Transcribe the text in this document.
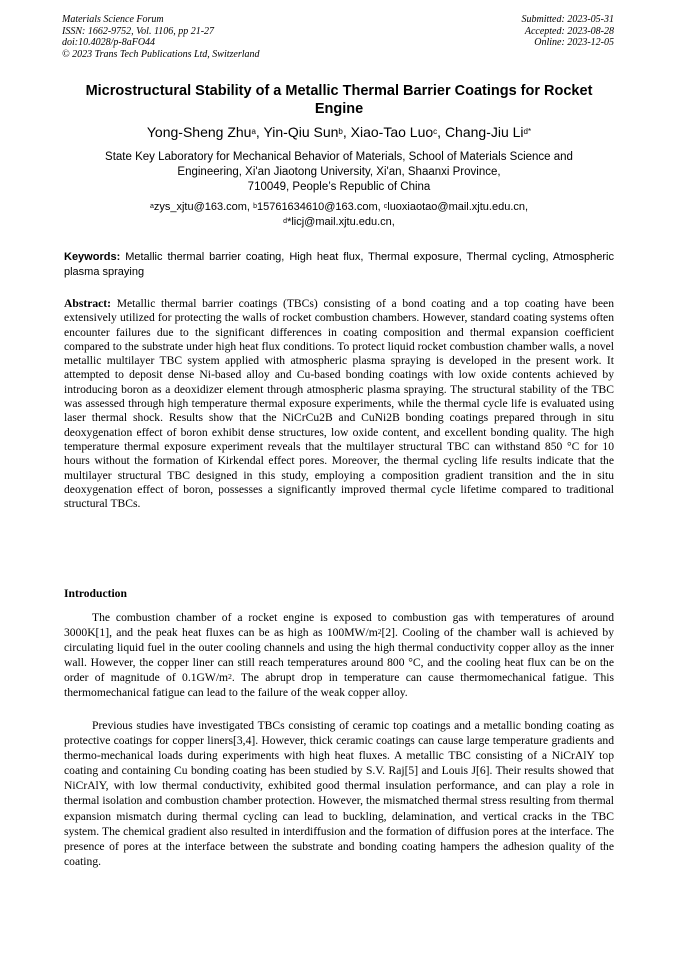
Materials Science Forum
ISSN: 1662-9752, Vol. 1106, pp 21-27
doi:10.4028/p-8aFO44
© 2023 Trans Tech Publications Ltd, Switzerland
Submitted: 2023-05-31
Accepted: 2023-08-28
Online: 2023-12-05
Microstructural Stability of a Metallic Thermal Barrier Coatings for Rocket Engine
Yong-Sheng Zhu$^a$, Yin-Qiu Sun$^b$, Xiao-Tao Luo$^c$, Chang-Jiu $Li^{d*}$
State Key Laboratory for Mechanical Behavior of Materials, School of Materials Science and
Engineering, Xi'an Jiaotong University, Xi'an, Shaanxi Province,
710049, People’s Republic of China
$^a$zys_xjtu@163.com, $^b$15761634610@163.com, $^c$luoxiaotao@mail.xjtu.edu.cn,
$^d$*licj@mail.xjtu.edu.cn,
Keywords: Metallic thermal barrier coating, High heat flux, Thermal exposure, Thermal cycling, Atmospheric plasma spraying
Abstract: Metallic thermal barrier coatings (TBCs) consisting of a bond coating and a top coating have been extensively utilized for protecting the walls of rocket combustion chambers. However, standard coating systems often encounter failures due to the significant differences in coating composition and thermal expansion coefficient compared to the substrate under high heat flux conditions. To protect liquid rocket combustion chamber walls, a novel metallic multilayer TBC system applied with atmospheric plasma spraying is developed in the present work. It attempted to deposit dense Ni-based alloy and Cu-based bonding coatings with low oxide contents achieved by introducing boron as a deoxidizer element through atmospheric plasma spraying. The structural stability of the TBC was assessed through high temperature thermal exposure experiments, while the thermal cycle life is evaluated using laser thermal shock. Results show that the NiCrCu2B and CuNi2B bonding coatings prepared through in situ deoxygenation effect of boron exhibit dense structures, low oxide content, and excellent bonding quality. The high temperature thermal exposure experiment reveals that the multilayer structural TBC can withstand 850 °C for 10 hours without the formation of Kirkendal effect pores. Moreover, the thermal cycling life results indicate that the multilayer structural TBC designed in this study, employing a composition gradient transition and the in situ deoxygenation effect of boron, possesses a significantly improved thermal cycle lifetime compared to traditional structural TBCs.
Introduction

The combustion chamber of a rocket engine is exposed to combustion gas with temperatures of around 3000K[1], and the peak heat fluxes can be as high as $100MW/m^2[2]$. Cooling of the chamber wall is achieved by circulating liquid fuel in the outer cooling channels and using the high thermal conductivity copper alloy as the inner wall. However, the copper liner can still reach temperatures around 800 °C, and the cooling heat flux can be on the order of magnitude of $0.1GW/m^2$. The abrupt drop in temperature can cause thermomechanical fatigue. This thermomechanical fatigue can lead to the failure of the weak copper alloy.

Previous studies have investigated TBCs consisting of ceramic top coatings and a metallic bonding coating as protective coatings for copper liners[3,4]. However, thick ceramic coatings can cause large temperature gradients and thermo-mechanical loads during experiments with high heat fluxes. A metallic TBC consisting of a NiCrAlY top coating and containing Cu bonding coating has been studied by S.V. Raj[5] and Louis J[6]. Their results showed that NiCrAlY, with low thermal conductivity, exhibited good thermal insulation performance, and can play a role in thermal isolation and combustion chamber protection. However, the mismatched thermal stress resulting from thermal expansion mismatch during thermal cycling can lead to buckling, delamination, and vertical cracks in the TBC system. The chemical gradient also resulted in interdiffusion and the formation of diffusion pores at the interface. The presence of pores at the interface between the substrate and bonding coating hampers the adhesion quality of the coating.
